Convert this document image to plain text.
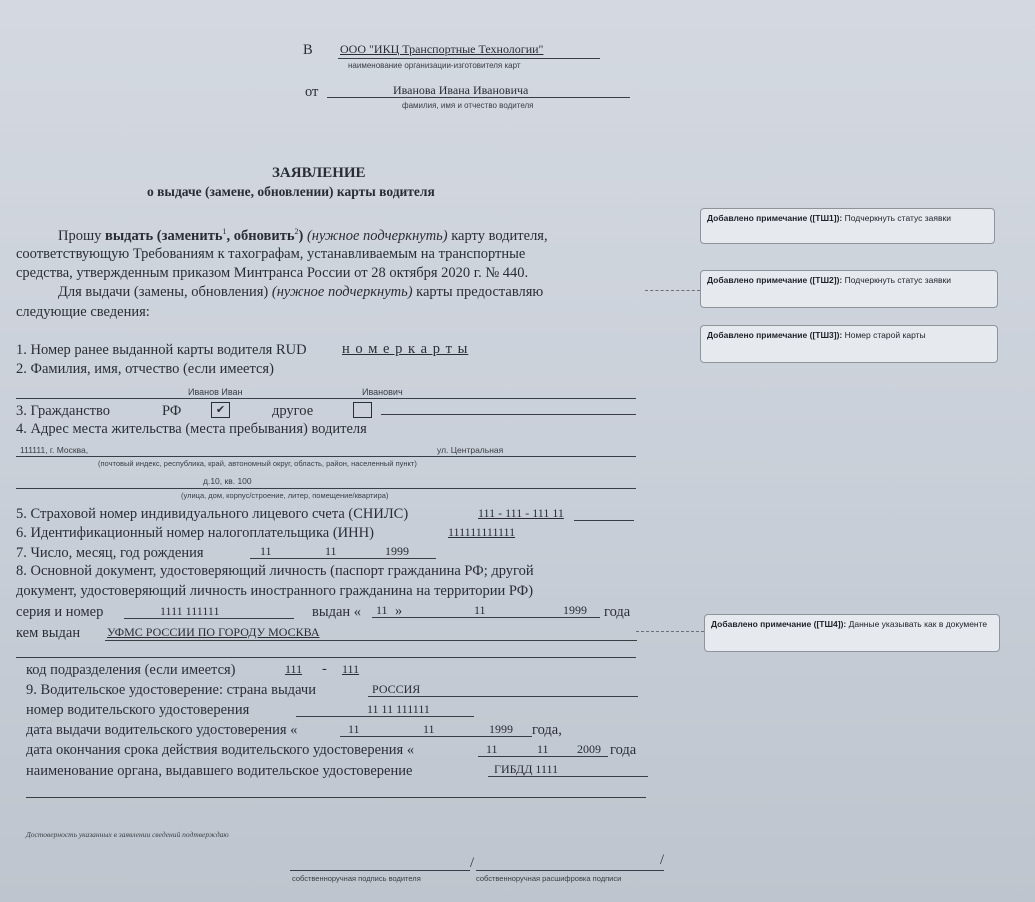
В ООО "ИКЦ Транспортные Технологии"
наименование организации-изготовителя карт
от	Иванова Ивана Ивановича
фамилия, имя и отчество водителя
ЗАЯВЛЕНИЕ
о выдаче (замене, обновлении) карты водителя
Прошу выдать (заменить$^1$, обновить$^2$) (нужное подчеркнуть) карту водителя,
соответствующую Требованиям к тахографам, устанавливаемым на транспортные
средства, утвержденным приказом Минтранса России от 28 октября 2020 г. № 440.
Для выдачи (замены, обновления) (нужное подчеркнуть) карты предоставляю
следующие сведения:
1. Номер ранее выданной карты водителя RUD н о м е р к а р т ы
2. Фамилия, имя, отчество (если имеется)
Иванов Иван	Иванович
3. Гражданство	РФ	✔	другое
4. Адрес места жительства (места пребывания) водителя
111111, г. Москва,	ул. Центральная
(почтовый индекс, республика, край, автономный округ, область, район, населенный пункт)
д.10, кв. 100
(улица, дом, корпус/строение, литер, помещение/квартира)
5. Страховой номер индивидуального лицевого счета (СНИЛС)	111 - 111 - 111 11
6. Идентификационный номер налогоплательщика (ИНН)	111111111111
7. Число, месяц, год рождения	11	11	1999
8. Основной документ, удостоверяющий личность (паспорт гражданина РФ; другой
документ, удостоверяющий личность иностранного гражданина на территории РФ)
серия и номер	1111 111111	выдан « 11 »	11	1999 года
кем выдан УФМС РОССИИ ПО ГОРОДУ МОСКВА
код подразделения (если имеется)	111 - 111
9. Водительское удостоверение: страна выдачи	РОССИЯ
номер водительского удостоверения	11 11 111111
дата выдачи водительского удостоверения «	11	11	1999 года,
дата окончания срока действия водительского удостоверения «	11	11 2009 года
наименование органа, выдавшего водительское удостоверение	ГИБДД 1111
Достоверность указанных в заявлении сведений подтверждаю
/	/
собственноручная подпись водителя	собственноручная расшифровка подписи
Добавлено примечание ([ТШ1]): Подчеркнуть статус заявки
Добавлено примечание ([ТШ2]): Подчеркнуть статус заявки
Добавлено примечание ([ТШ3]): Номер старой карты
Добавлено примечание ([ТШ4]): Данные указывать как в документе
